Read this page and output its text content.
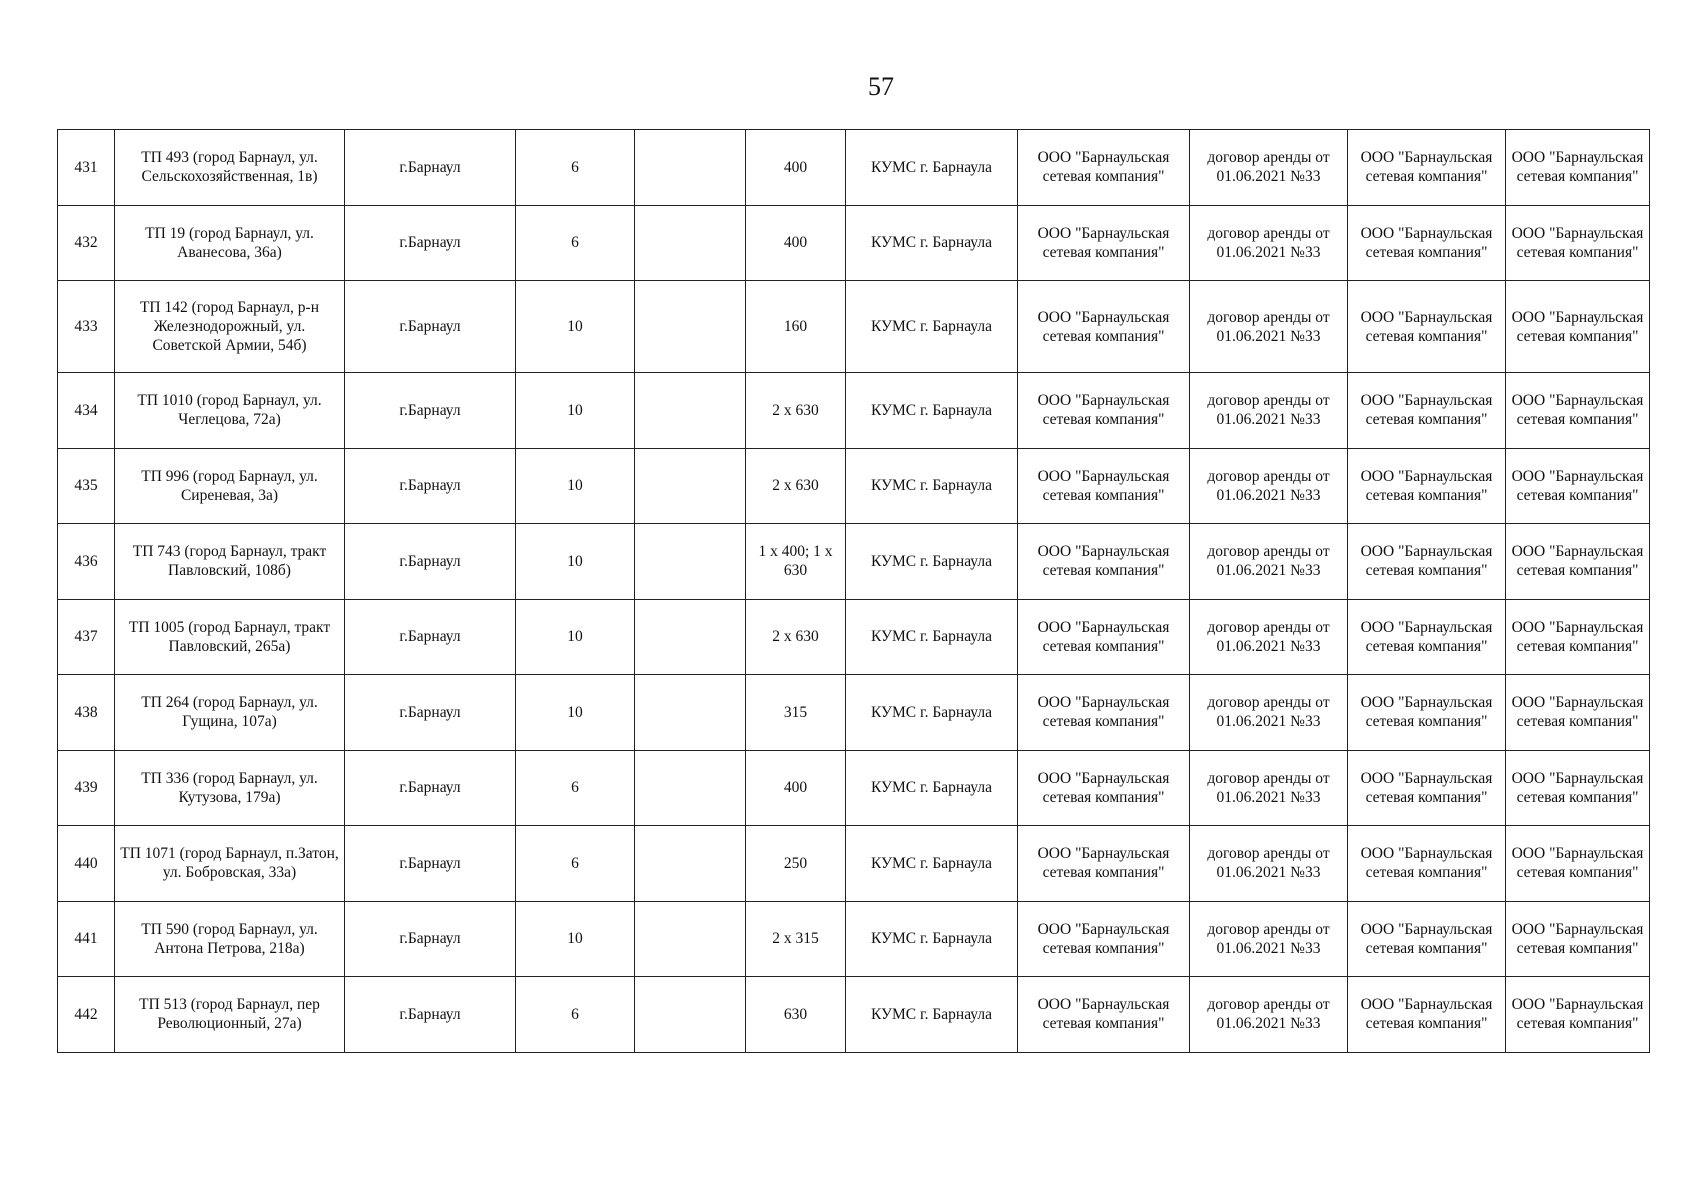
57
431	ТП 493 (город Барнаул, ул. Сельскохозяйственная, 1в)	г.Барнаул	6		400	КУМС г. Барнаула	ООО "Барнаульская сетевая компания"	договор аренды от 01.06.2021 №33	ООО "Барнаульская сетевая компания"	ООО "Барнаульская сетевая компания"
432	ТП 19 (город Барнаул, ул. Аванесова, 36а)	г.Барнаул	6		400	КУМС г. Барнаула	ООО "Барнаульская сетевая компания"	договор аренды от 01.06.2021 №33	ООО "Барнаульская сетевая компания"	ООО "Барнаульская сетевая компания"
433	ТП 142 (город Барнаул, р-н Железнодорожный, ул. Советской Армии, 54б)	г.Барнаул	10		160	КУМС г. Барнаула	ООО "Барнаульская сетевая компания"	договор аренды от 01.06.2021 №33	ООО "Барнаульская сетевая компания"	ООО "Барнаульская сетевая компания"
434	ТП 1010 (город Барнаул, ул. Чеглецова, 72а)	г.Барнаул	10		2 х 630	КУМС г. Барнаула	ООО "Барнаульская сетевая компания"	договор аренды от 01.06.2021 №33	ООО "Барнаульская сетевая компания"	ООО "Барнаульская сетевая компания"
435	ТП 996 (город Барнаул, ул. Сиреневая, 3а)	г.Барнаул	10		2 х 630	КУМС г. Барнаула	ООО "Барнаульская сетевая компания"	договор аренды от 01.06.2021 №33	ООО "Барнаульская сетевая компания"	ООО "Барнаульская сетевая компания"
436	ТП 743 (город Барнаул, тракт Павловский, 108б)	г.Барнаул	10		1 х 400; 1 х 630	КУМС г. Барнаула	ООО "Барнаульская сетевая компания"	договор аренды от 01.06.2021 №33	ООО "Барнаульская сетевая компания"	ООО "Барнаульская сетевая компания"
437	ТП 1005 (город Барнаул, тракт Павловский, 265а)	г.Барнаул	10		2 х 630	КУМС г. Барнаула	ООО "Барнаульская сетевая компания"	договор аренды от 01.06.2021 №33	ООО "Барнаульская сетевая компания"	ООО "Барнаульская сетевая компания"
438	ТП 264 (город Барнаул, ул. Гущина, 107а)	г.Барнаул	10		315	КУМС г. Барнаула	ООО "Барнаульская сетевая компания"	договор аренды от 01.06.2021 №33	ООО "Барнаульская сетевая компания"	ООО "Барнаульская сетевая компания"
439	ТП 336 (город Барнаул, ул. Кутузова, 179а)	г.Барнаул	6		400	КУМС г. Барнаула	ООО "Барнаульская сетевая компания"	договор аренды от 01.06.2021 №33	ООО "Барнаульская сетевая компания"	ООО "Барнаульская сетевая компания"
440	ТП 1071 (город Барнаул, п.Затон, ул. Бобровская, 33а)	г.Барнаул	6		250	КУМС г. Барнаула	ООО "Барнаульская сетевая компания"	договор аренды от 01.06.2021 №33	ООО "Барнаульская сетевая компания"	ООО "Барнаульская сетевая компания"
441	ТП 590 (город Барнаул, ул. Антона Петрова, 218а)	г.Барнаул	10		2 х 315	КУМС г. Барнаула	ООО "Барнаульская сетевая компания"	договор аренды от 01.06.2021 №33	ООО "Барнаульская сетевая компания"	ООО "Барнаульская сетевая компания"
442	ТП 513 (город Барнаул, пер Революционный, 27а)	г.Барнаул	6		630	КУМС г. Барнаула	ООО "Барнаульская сетевая компания"	договор аренды от 01.06.2021 №33	ООО "Барнаульская сетевая компания"	ООО "Барнаульская сетевая компания"
